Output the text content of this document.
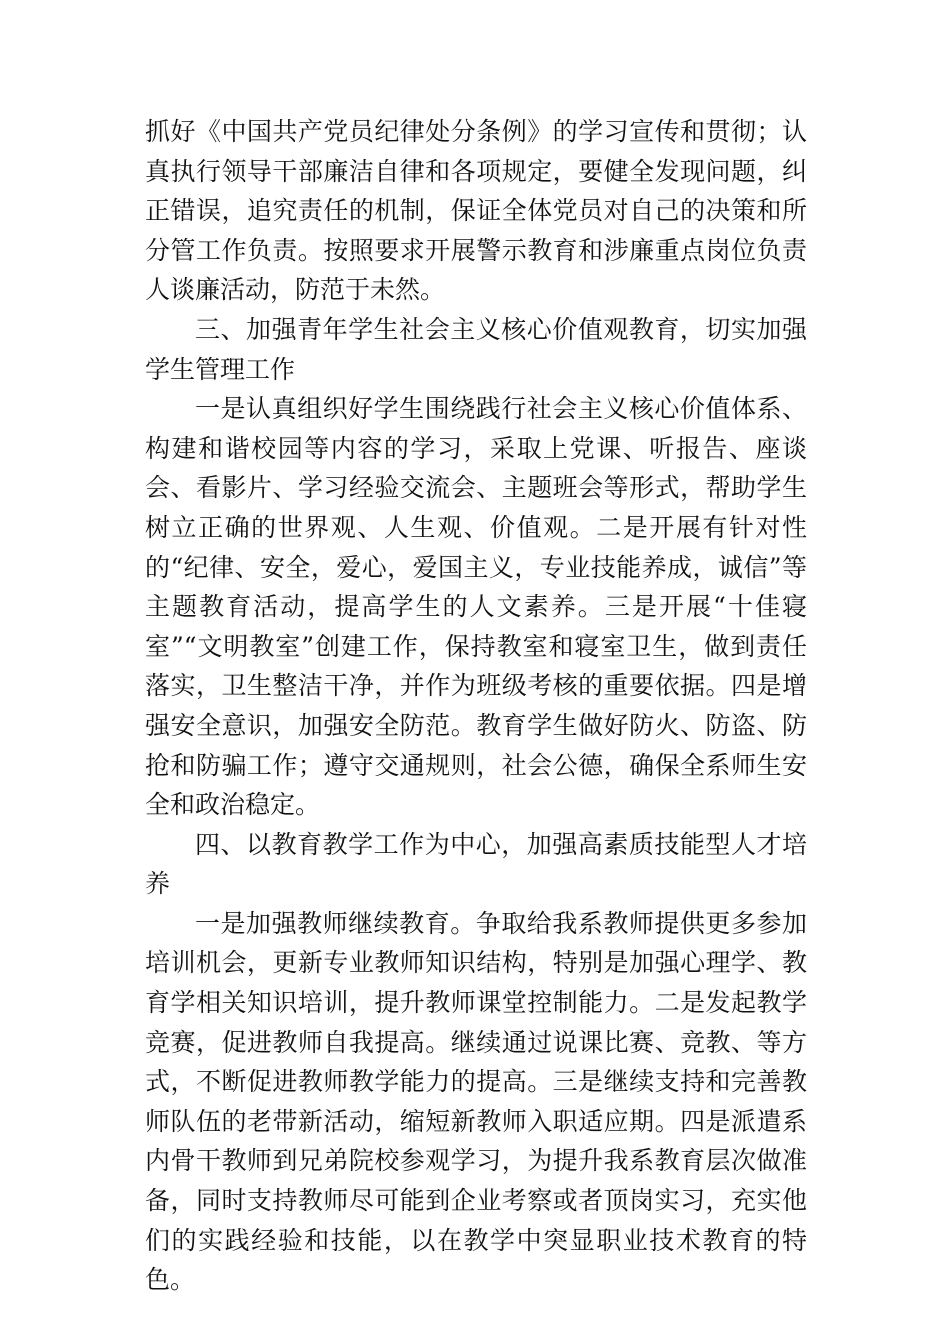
抓好《中国共产党员纪律处分条例》的学习宣传和贯彻；认真执行领导干部廉洁自律和各项规定，要健全发现问题，纠正错误，追究责任的机制，保证全体党员对自己的决策和所分管工作负责。按照要求开展警示教育和涉廉重点岗位负责人谈廉活动，防范于未然。

三、加强青年学生社会主义核心价值观教育，切实加强学生管理工作

一是认真组织好学生围绕践行社会主义核心价值体系、构建和谐校园等内容的学习，采取上党课、听报告、座谈会、看影片、学习经验交流会、主题班会等形式，帮助学生树立正确的世界观、人生观、价值观。二是开展有针对性的“纪律、安全，爱心，爱国主义，专业技能养成，诚信”等主题教育活动，提高学生的人文素养。三是开展“十佳寝室”“文明教室”创建工作，保持教室和寝室卫生，做到责任落实，卫生整洁干净，并作为班级考核的重要依据。四是增强安全意识，加强安全防范。教育学生做好防火、防盗、防抢和防骗工作；遵守交通规则，社会公德，确保全系师生安全和政治稳定。

四、以教育教学工作为中心，加强高素质技能型人才培养

一是加强教师继续教育。争取给我系教师提供更多参加培训机会，更新专业教师知识结构，特别是加强心理学、教育学相关知识培训，提升教师课堂控制能力。二是发起教学竞赛，促进教师自我提高。继续通过说课比赛、竞教、等方式，不断促进教师教学能力的提高。三是继续支持和完善教师队伍的老带新活动，缩短新教师入职适应期。四是派遣系内骨干教师到兄弟院校参观学习，为提升我系教育层次做准备，同时支持教师尽可能到企业考察或者顶岗实习，充实他们的实践经验和技能，以在教学中突显职业技术教育的特色。
